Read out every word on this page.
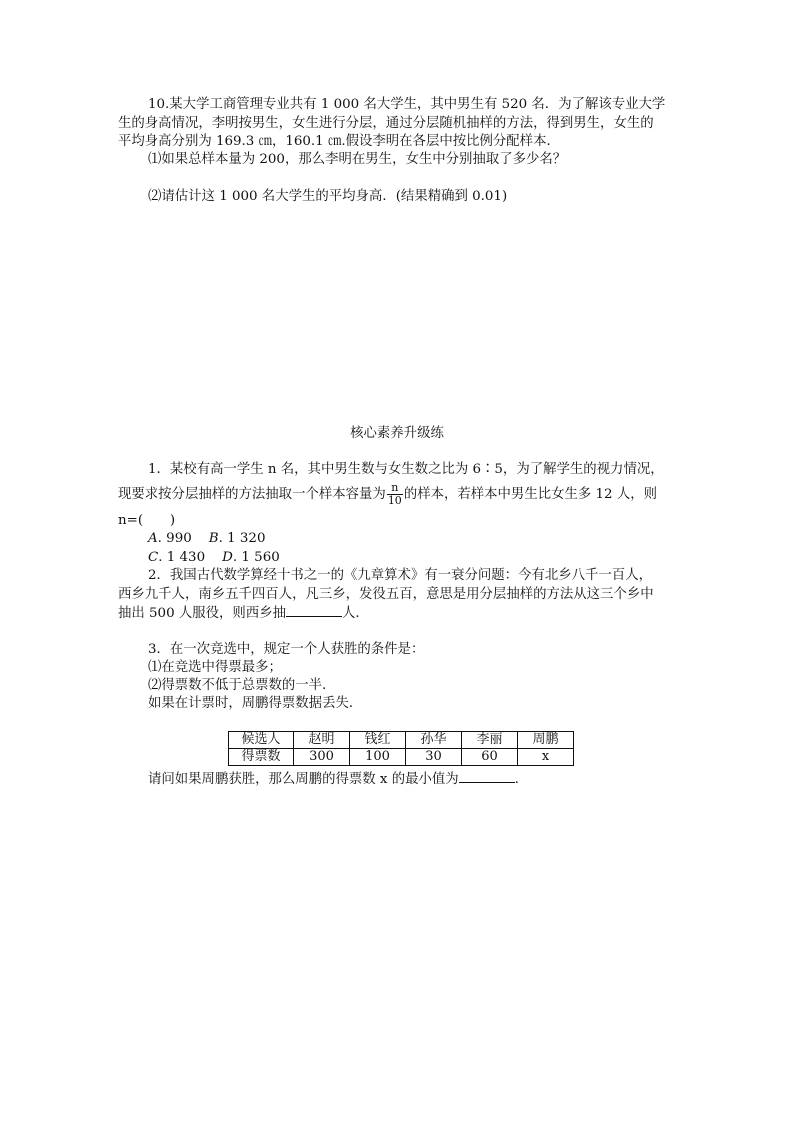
10.某大学工商管理专业共有 1 000 名大学生，其中男生有 520 名．为了解该专业大学
生的身高情况，李明按男生，女生进行分层，通过分层随机抽样的方法，得到男生，女生的
平均身高分别为 169.3 ㎝，160.1 ㎝.假设李明在各层中按比例分配样本．
⑴如果总样本量为 200，那么李明在男生，女生中分别抽取了多少名？
⑵请估计这 1 000 名大学生的平均身高．(结果精确到 0.01)
核心素养升级练
1．某校有高一学生 n 名，其中男生数与女生数之比为 6∶5，为了解学生的视力情况，
现要求按分层抽样的方法抽取一个样本容量为 $\frac{n}{10}$ 的样本，若样本中男生比女生多 12 人，则
n=(　　)
A. 990 B. 1 320
C. 1 430 D. 1 560
2．我国古代数学算经十书之一的《九章算术》有一衰分问题：今有北乡八千一百人，
西乡九千人，南乡五千四百人，凡三乡，发役五百，意思是用分层抽样的方法从这三个乡中
抽出 500 人服役，则西乡抽	人.
3．在一次竞选中，规定一个人获胜的条件是：
⑴在竞选中得票最多；
⑵得票数不低于总票数的一半．
如果在计票时，周鹏得票数据丢失．
候选人	赵明	钱红	孙华	李丽	周鹏
得票数	300	100	30	60	x
请问如果周鹏获胜，那么周鹏的得票数 x 的最小值为	.
